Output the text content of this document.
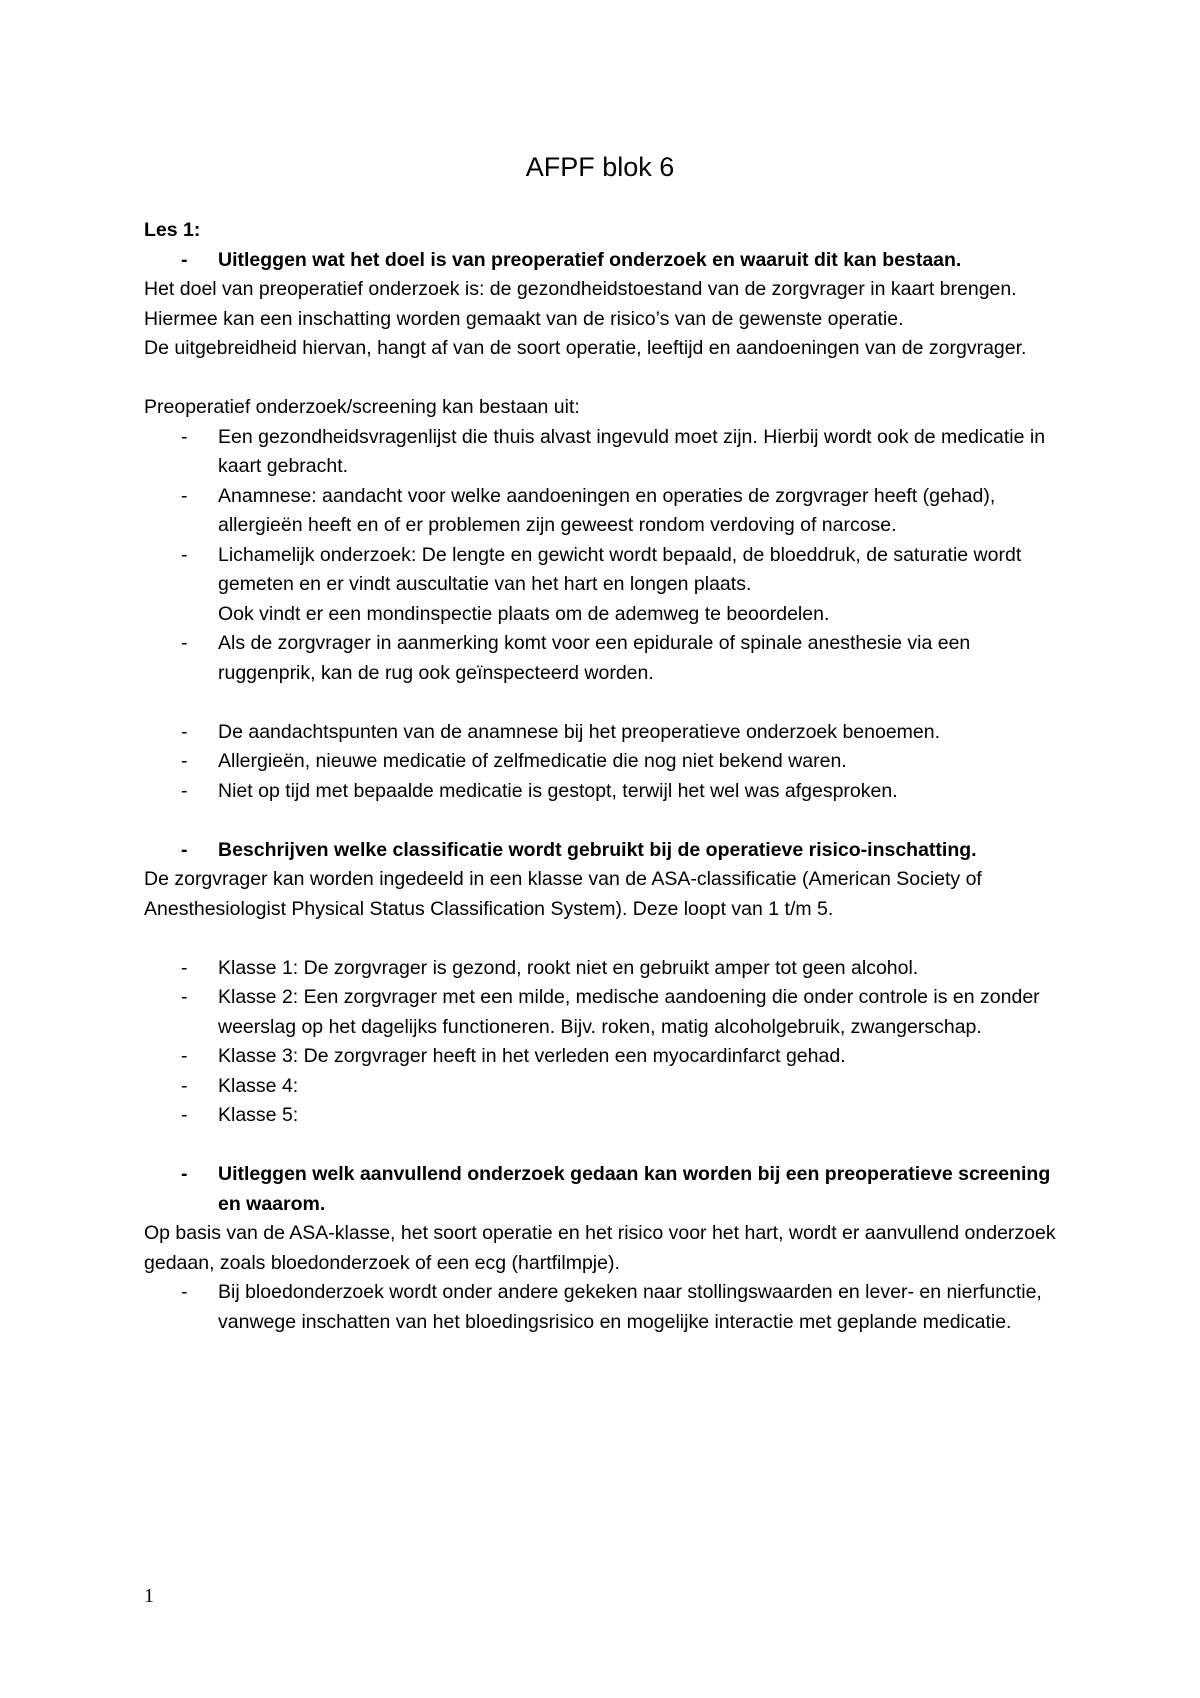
AFPF blok 6

Les 1:

- Uitleggen wat het doel is van preoperatief onderzoek en waaruit dit kan bestaan.

Het doel van preoperatief onderzoek is: de gezondheidstoestand van de zorgvrager in kaart brengen. Hiermee kan een inschatting worden gemaakt van de risico’s van de gewenste operatie.

De uitgebreidheid hiervan, hangt af van de soort operatie, leeftijd en aandoeningen van de zorgvrager.

Preoperatief onderzoek/screening kan bestaan uit:

- Een gezondheidsvragenlijst die thuis alvast ingevuld moet zijn. Hierbij wordt ook de medicatie in kaart gebracht.
- Anamnese: aandacht voor welke aandoeningen en operaties de zorgvrager heeft (gehad), allergieën heeft en of er problemen zijn geweest rondom verdoving of narcose.
- Lichamelijk onderzoek: De lengte en gewicht wordt bepaald, de bloeddruk, de saturatie wordt gemeten en er vindt auscultatie van het hart en longen plaats.
Ook vindt er een mondinspectie plaats om de ademweg te beoordelen.
- Als de zorgvrager in aanmerking komt voor een epidurale of spinale anesthesie via een ruggenprik, kan de rug ook geïnspecteerd worden.
- De aandachtspunten van de anamnese bij het preoperatieve onderzoek benoemen.
- Allergieën, nieuwe medicatie of zelfmedicatie die nog niet bekend waren.
- Niet op tijd met bepaalde medicatie is gestopt, terwijl het wel was afgesproken.
- Beschrijven welke classificatie wordt gebruikt bij de operatieve risico-inschatting.

De zorgvrager kan worden ingedeeld in een klasse van de ASA-classificatie (American Society of Anesthesiologist Physical Status Classification System). Deze loopt van 1 t/m 5.

- Klasse 1: De zorgvrager is gezond, rookt niet en gebruikt amper tot geen alcohol.
- Klasse 2: Een zorgvrager met een milde, medische aandoening die onder controle is en zonder weerslag op het dagelijks functioneren. Bijv. roken, matig alcoholgebruik, zwangerschap.
- Klasse 3: De zorgvrager heeft in het verleden een myocardinfarct gehad.
- Klasse 4:
- Klasse 5:
- Uitleggen welk aanvullend onderzoek gedaan kan worden bij een preoperatieve screening en waarom.

Op basis van de ASA-klasse, het soort operatie en het risico voor het hart, wordt er aanvullend onderzoek gedaan, zoals bloedonderzoek of een ecg (hartfilmpje).

- Bij bloedonderzoek wordt onder andere gekeken naar stollingswaarden en lever- en nierfunctie, vanwege inschatten van het bloedingsrisico en mogelijke interactie met geplande medicatie.
1
